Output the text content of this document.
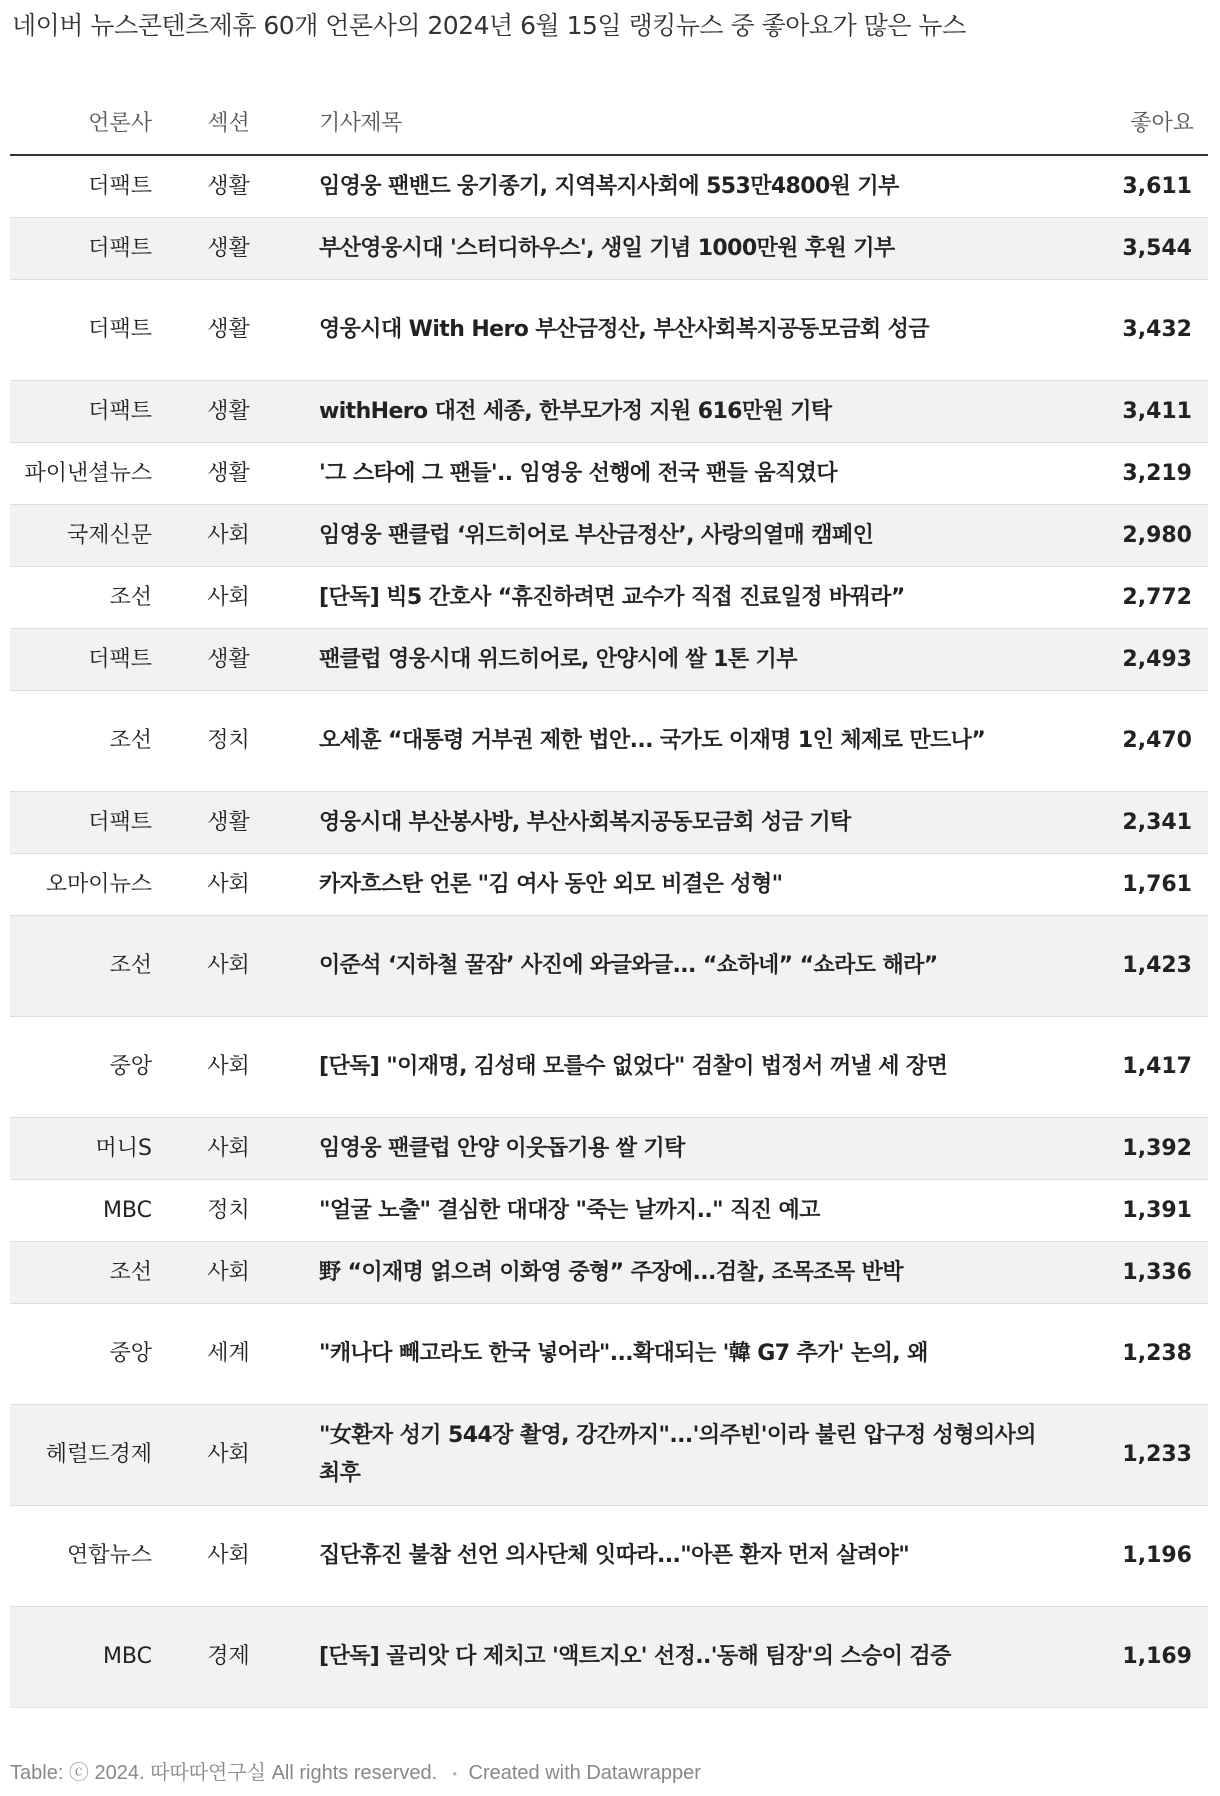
네이버 뉴스콘텐츠제휴 60개 언론사의 2024년 6월 15일 랭킹뉴스 중 좋아요가 많은 뉴스
언론사	섹션	기사제목	좋아요

더팩트	생활	임영웅 팬밴드 웅기종기, 지역복지사회에 553만4800원 기부	3,611

더팩트	생활	부산영웅시대 '스터디하우스', 생일 기념 1000만원 후원 기부	3,544

더팩트	생활	영웅시대 With Hero 부산금정산, 부산사회복지공동모금회 성금	3,432

더팩트	생활	withHero 대전 세종, 한부모가정 지원 616만원 기탁	3,411

파이낸셜뉴스	생활	'그 스타에 그 팬들'.. 임영웅 선행에 전국 팬들 움직였다	3,219

국제신문	사회	임영웅 팬클럽 ‘위드히어로 부산금정산’, 사랑의열매 캠페인	2,980

조선	사회	[단독] 빅5 간호사 “휴진하려면 교수가 직접 진료일정 바꿔라”	2,772

더팩트	생활	팬클럽 영웅시대 위드히어로, 안양시에 쌀 1톤 기부	2,493

조선	정치	오세훈 “대통령 거부권 제한 법안... 국가도 이재명 1인 체제로 만드나”	2,470

더팩트	생활	영웅시대 부산봉사방, 부산사회복지공동모금회 성금 기탁	2,341

오마이뉴스	사회	카자흐스탄 언론 "김 여사 동안 외모 비결은 성형"	1,761

조선	사회	이준석 ‘지하철 꿀잠’ 사진에 와글와글... “쇼하네” “쇼라도 해라”	1,423

중앙	사회	[단독] "이재명, 김성태 모를수 없었다" 검찰이 법정서 꺼낼 세 장면	1,417

머니S	사회	임영웅 팬클럽 안양 이웃돕기용 쌀 기탁	1,392

MBC	정치	"얼굴 노출" 결심한 대대장 "죽는 날까지.." 직진 예고	1,391

조선	사회	野 “이재명 얽으려 이화영 중형” 주장에...검찰, 조목조목 반박	1,336

중앙	세계	"캐나다 빼고라도 한국 넣어라"...확대되는 '韓 G7 추가' 논의, 왜	1,238

헤럴드경제	사회	"女환자 성기 544장 촬영, 강간까지"...'의주빈'이라 불린 압구정 성형의사의 최후	1,233

연합뉴스	사회	집단휴진 불참 선언 의사단체 잇따라..."아픈 환자 먼저 살려야"	1,196

MBC	경제	[단독] 골리앗 다 제치고 '액트지오' 선정..'동해 팀장'의 스승이 검증	1,169
Table: ⓒ 2024. 따따따연구실 All rights reserved. • Created with Datawrapper
